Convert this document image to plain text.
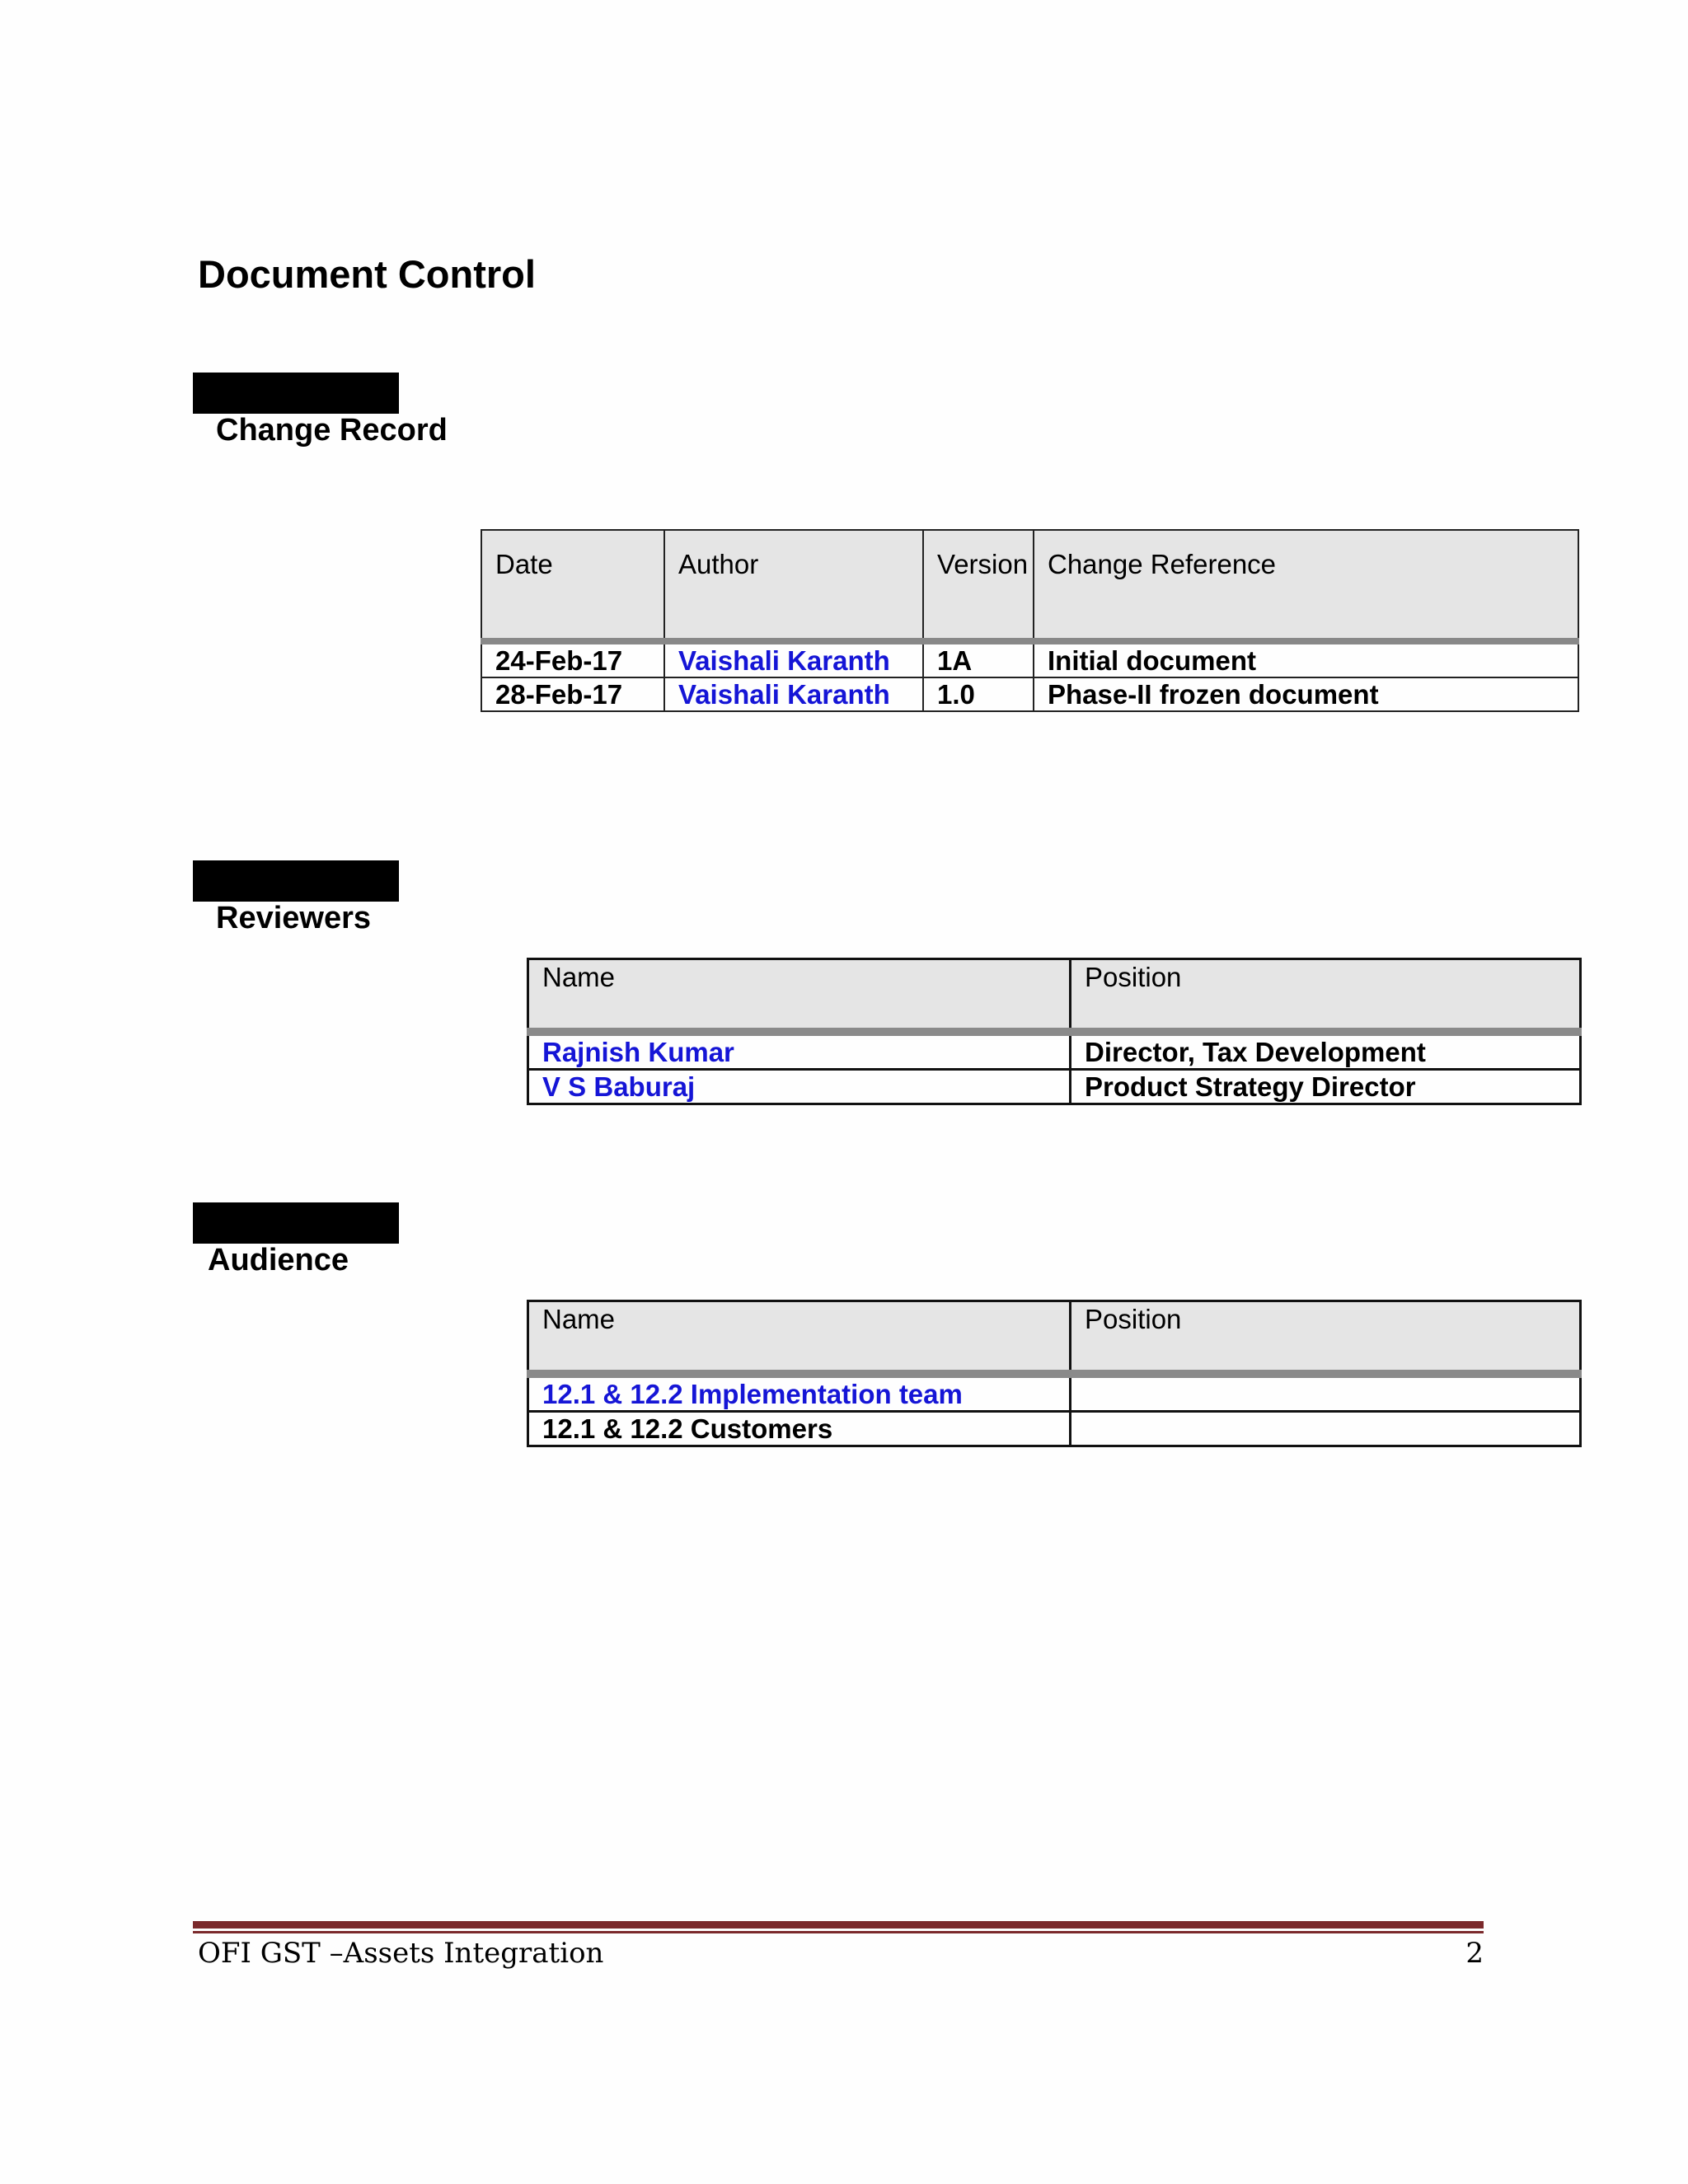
Document Control
Change Record
Date	Author	Version	Change Reference
24-Feb-17	Vaishali Karanth	1A	Initial document
28-Feb-17	Vaishali Karanth	1.0	Phase-II frozen document
Reviewers
Name	Position
Rajnish Kumar	Director, Tax Development
V S Baburaj	Product Strategy Director
Audience
Name	Position
12.1 & 12.2 Implementation team	
12.1 & 12.2 Customers	
OFI GST –Assets Integration	2
